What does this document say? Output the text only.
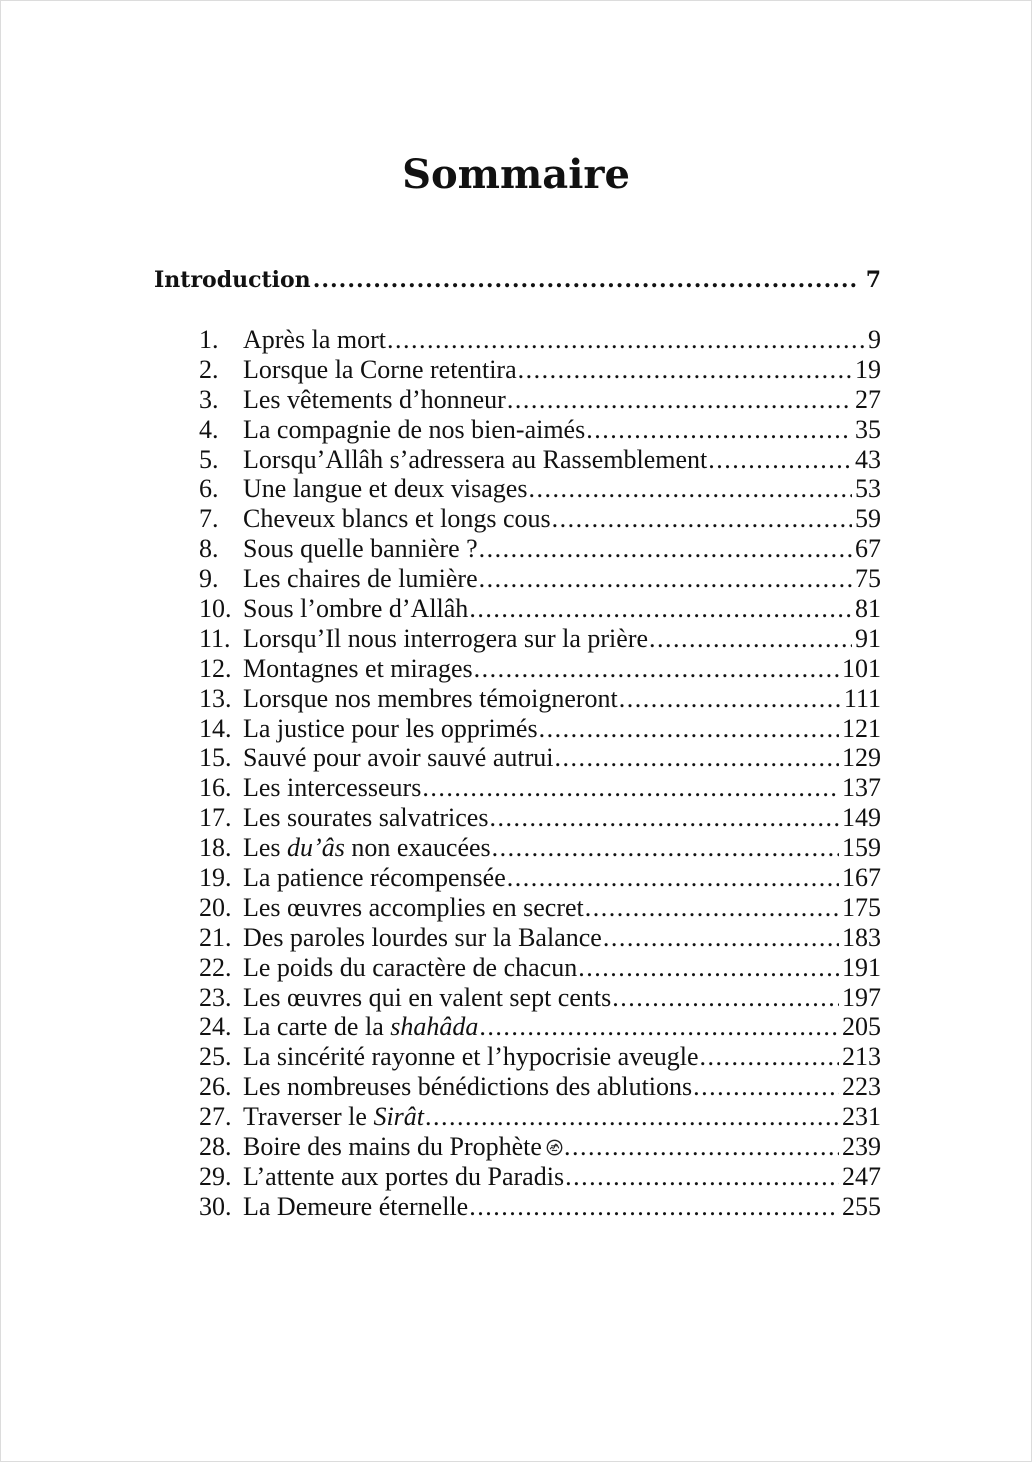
Sommaire
Introduction .....	7
1. Après la mort .....	9
2. Lorsque la Corne retentira .....	19
3. Les vêtements d’honneur .....	27
4. La compagnie de nos bien-aimés .....	35
5. Lorsqu’Allâh s’adressera au Rassemblement .....	43
6. Une langue et deux visages .....	53
7. Cheveux blancs et longs cous .....	59
8. Sous quelle bannière ? .....	67
9. Les chaires de lumière .....	75
10. Sous l’ombre d’Allâh .....	81
11. Lorsqu’Il nous interrogera sur la prière .....	91
12. Montagnes et mirages .....	101
13. Lorsque nos membres témoigneront .....	111
14. La justice pour les opprimés .....	121
15. Sauvé pour avoir sauvé autrui .....	129
16. Les intercesseurs .....	137
17. Les sourates salvatrices .....	149
18. Les du’âs non exaucées .....	159
19. La patience récompensée .....	167
20. Les œuvres accomplies en secret .....	175
21. Des paroles lourdes sur la Balance .....	183
22. Le poids du caractère de chacun .....	191
23. Les œuvres qui en valent sept cents .....	197
24. La carte de la shahâda .....	205
25. La sincérité rayonne et l’hypocrisie aveugle .....	213
26. Les nombreuses bénédictions des ablutions .....	223
27. Traverser le Sirât .....	231
28. Boire des mains du Prophète .....	239
29. L’attente aux portes du Paradis .....	247
30. La Demeure éternelle .....	255
